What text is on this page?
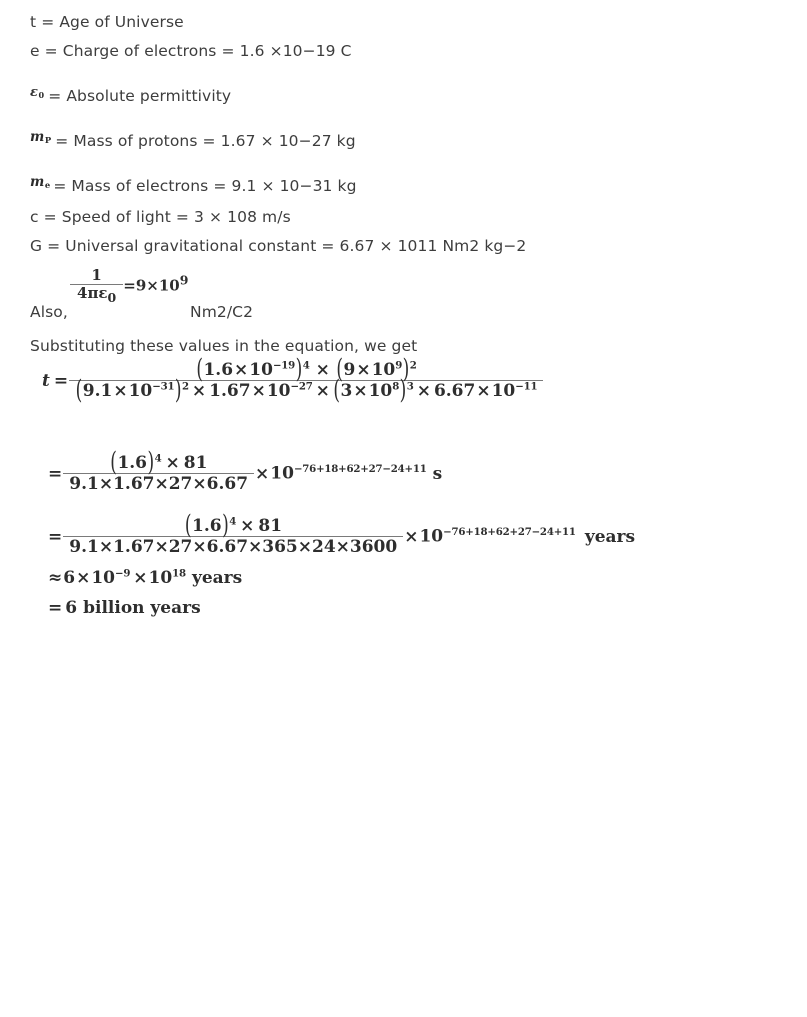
t = Age of Universe
e = Charge of electrons = 1.6 ×10−19 C
$\varepsilon_0$ = Absolute permittivity
$m_P$ = Mass of protons = 1.67 × 10−27 kg
$m_e$ = Mass of electrons = 9.1 × 10−31 kg
c = Speed of light = 3 × 108 m/s
G = Universal gravitational constant = 6.67 × 1011 Nm2 kg−2
Also,
$\frac{1}{4\pi\varepsilon_0} =9\times 10^9$
Nm2/C2
Substituting these values in the equation, we get
$t = \frac{(1.6\times 10^{-19})^4 \times (9\times 10^9)^2}{(9.1\times 10^{-31})^2 \times 1.67\times 10^{-27} \times (3\times 10^8)^3 \times 6.67\times 10^{-11}}$
= $\frac{(1.6)^4 \times 81}{9.1\times 1.67\times 27\times 6.67} \times 10^{-76+18+62+27-24+11}$ s
= $\frac{(1.6)^4 \times 81}{9.1\times 1.67\times 27\times 6.67\times 365\times 24\times 3600} \times 10^{-76+18+62+27-24+11}$ years
$\approx 6\times 10^{-9} \times 10^{18}$ years
= 6 billion years
